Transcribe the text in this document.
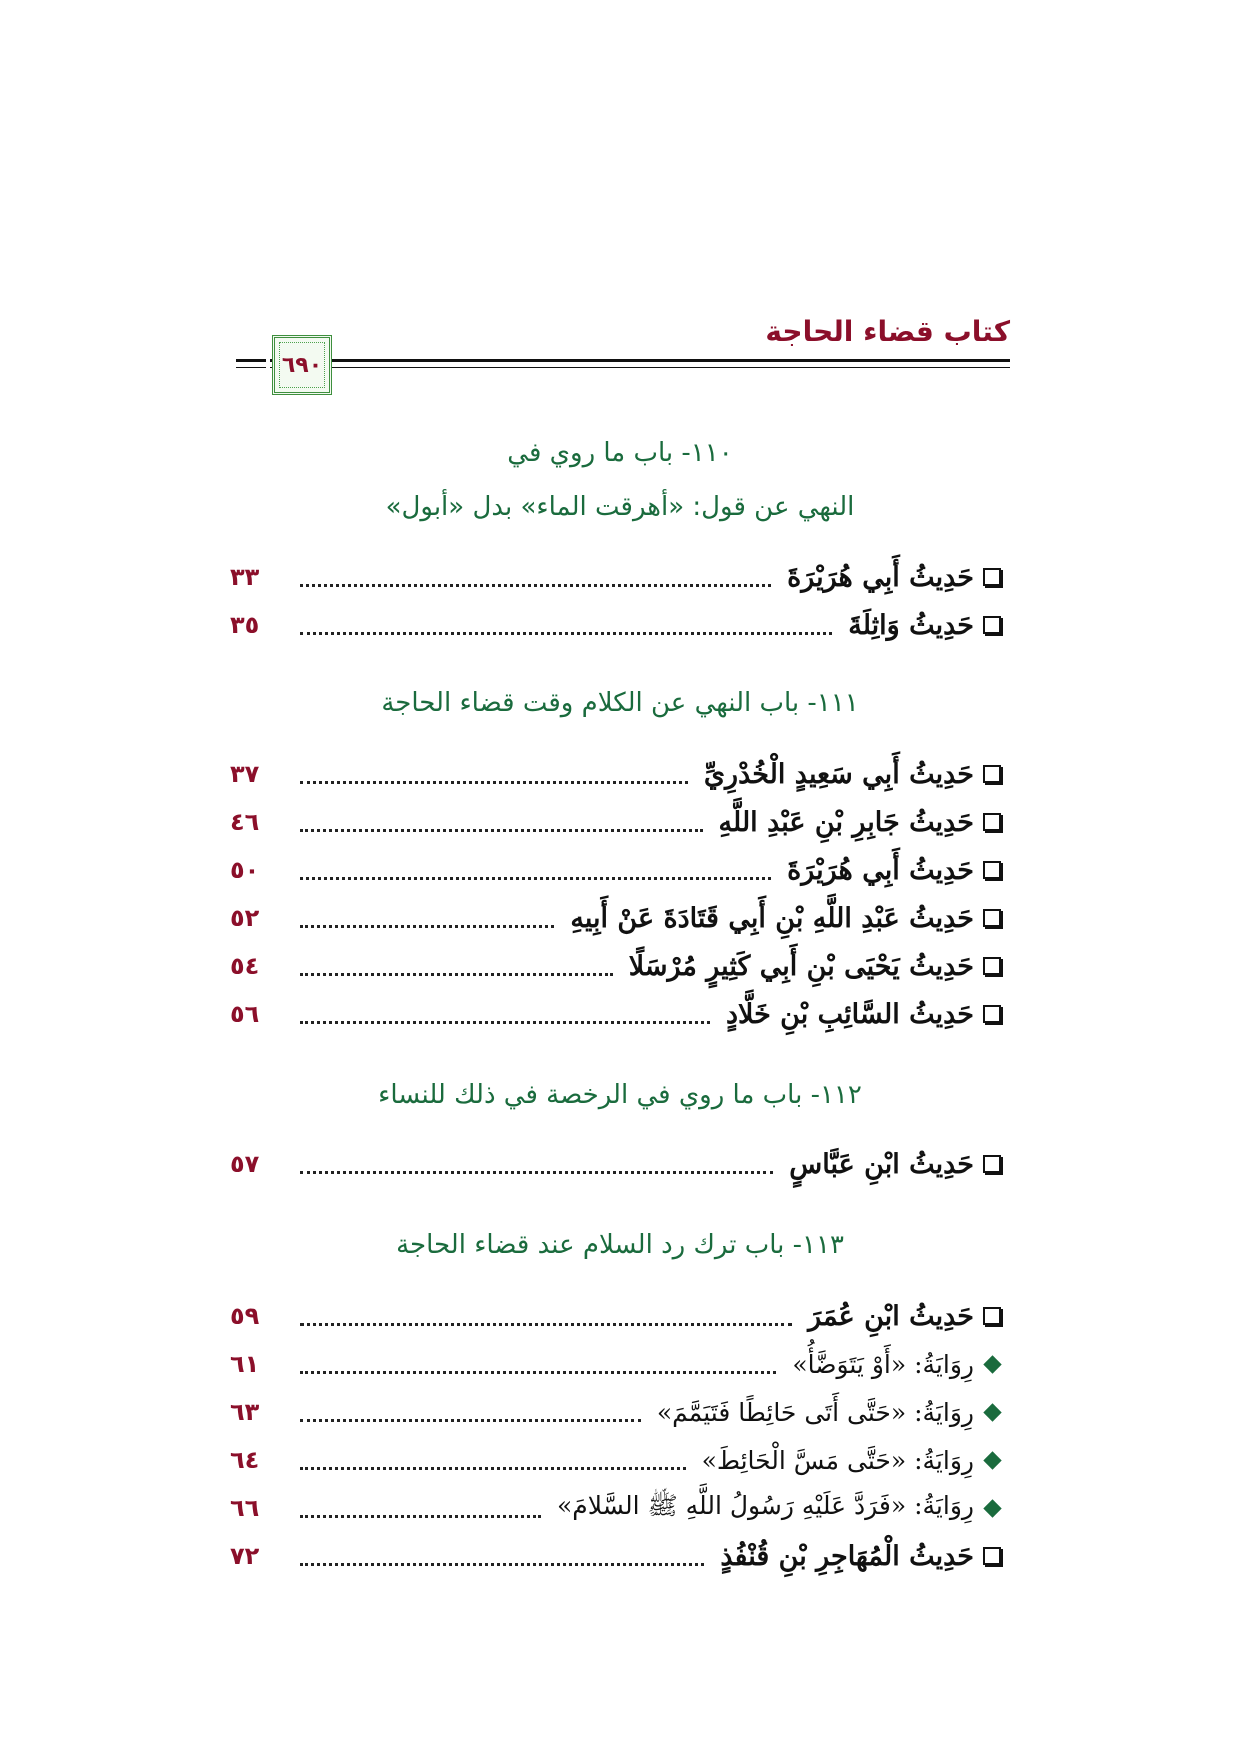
كتاب قضاء الحاجة
٦٩٠
١١٠- باب ما روي في
النهي عن قول: «أهرقت الماء» بدل «أبول»
حَدِيثُ أَبِي هُرَيْرَةَ
٣٣
حَدِيثُ وَاثِلَةَ
٣٥
١١١- باب النهي عن الكلام وقت قضاء الحاجة
حَدِيثُ أَبِي سَعِيدٍ الْخُدْرِيِّ
٣٧
حَدِيثُ جَابِرِ بْنِ عَبْدِ اللَّهِ
٤٦
حَدِيثُ أَبِي هُرَيْرَةَ
٥٠
حَدِيثُ عَبْدِ اللَّهِ بْنِ أَبِي قَتَادَةَ عَنْ أَبِيهِ
٥٢
حَدِيثُ يَحْيَى بْنِ أَبِي كَثِيرٍ مُرْسَلًا
٥٤
حَدِيثُ السَّائِبِ بْنِ خَلَّادٍ
٥٦
١١٢- باب ما روي في الرخصة في ذلك للنساء
حَدِيثُ ابْنِ عَبَّاسٍ
٥٧
١١٣- باب ترك رد السلام عند قضاء الحاجة
حَدِيثُ ابْنِ عُمَرَ
٥٩
رِوَايَةُ: «أَوْ يَتَوَضَّأُ»
٦١
رِوَايَةُ: «حَتَّى أَتَى حَائِطًا فَتَيَمَّمَ»
٦٣
رِوَايَةُ: «حَتَّى مَسَّ الْحَائِطَ»
٦٤
رِوَايَةُ: «فَرَدَّ عَلَيْهِ رَسُولُ اللَّهِ ﷺ السَّلامَ»
٦٦
حَدِيثُ الْمُهَاجِرِ بْنِ قُنْفُذٍ
٧٢
